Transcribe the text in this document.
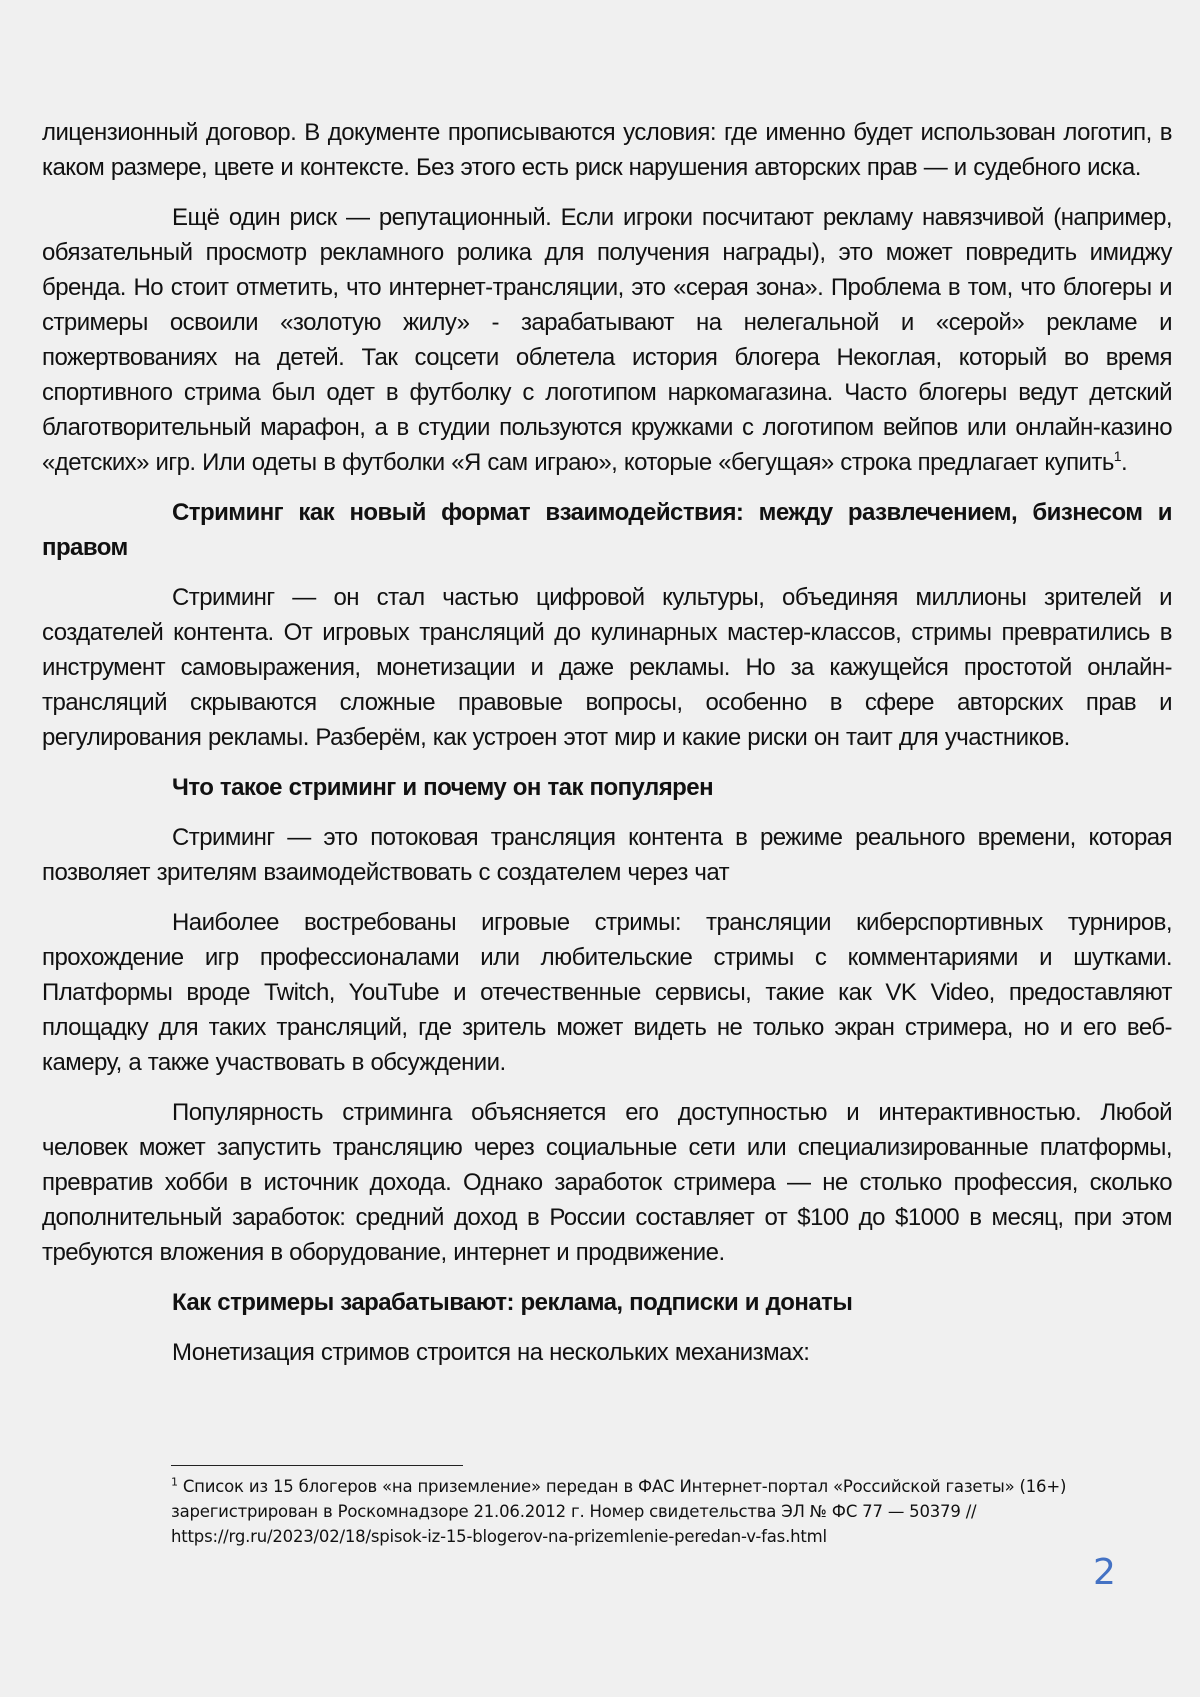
лицензионный договор. В документе прописываются условия: где именно будет использован логотип, в каком размере, цвете и контексте. Без этого есть риск нарушения авторских прав — и судебного иска.

Ещё один риск — репутационный. Если игроки посчитают рекламу навязчивой (например, обязательный просмотр рекламного ролика для получения награды), это может повредить имиджу бренда. Но стоит отметить, что интернет-трансляции, это «серая зона». Проблема в том, что блогеры и стримеры освоили «золотую жилу» - зарабатывают на нелегальной и «серой» рекламе и пожертвованиях на детей. Так соцсети облетела история блогера Некоглая, который во время спортивного стрима был одет в футболку с логотипом наркомагазина. Часто блогеры ведут детский благотворительный марафон, а в студии пользуются кружками с логотипом вейпов или онлайн-казино «детских» игр. Или одеты в футболки «Я сам играю», которые «бегущая» строка предлагает купить$^1$.

Стриминг как новый формат взаимодействия: между развлечением, бизнесом и правом

Стриминг — он стал частью цифровой культуры, объединяя миллионы зрителей и создателей контента. От игровых трансляций до кулинарных мастер-классов, стримы превратились в инструмент самовыражения, монетизации и даже рекламы. Но за кажущейся простотой онлайн-трансляций скрываются сложные правовые вопросы, особенно в сфере авторских прав и регулирования рекламы. Разберём, как устроен этот мир и какие риски он таит для участников.

Что такое стриминг и почему он так популярен

Стриминг — это потоковая трансляция контента в режиме реального времени, которая позволяет зрителям взаимодействовать с создателем через чат

Наиболее востребованы игровые стримы: трансляции киберспортивных турниров, прохождение игр профессионалами или любительские стримы с комментариями и шутками. Платформы вроде Twitch, YouTube и отечественные сервисы, такие как VK Video, предоставляют площадку для таких трансляций, где зритель может видеть не только экран стримера, но и его веб-камеру, а также участвовать в обсуждении.

Популярность стриминга объясняется его доступностью и интерактивностью. Любой человек может запустить трансляцию через социальные сети или специализированные платформы, превратив хобби в источник дохода. Однако заработок стримера — не столько профессия, сколько дополнительный заработок: средний доход в России составляет от $100 до $1000 в месяц, при этом требуются вложения в оборудование, интернет и продвижение.

Как стримеры зарабатывают: реклама, подписки и донаты

Монетизация стримов строится на нескольких механизмах:

$^1$ Список из 15 блогеров «на приземление» передан в ФАС Интернет-портал «Российской газеты» (16+)
зарегистрирован в Роскомнадзоре 21.06.2012 г. Номер свидетельства ЭЛ № ФС 77 — 50379 //
https://rg.ru/2023/02/18/spisok-iz-15-blogerov-na-prizemlenie-peredan-v-fas.html
2
